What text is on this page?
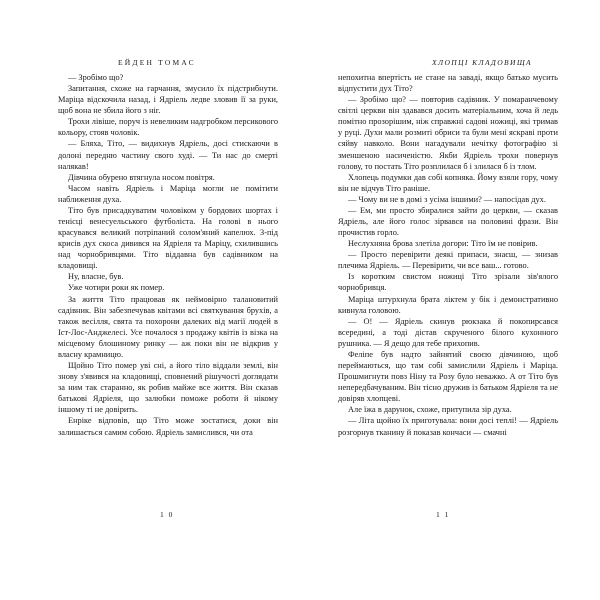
ЕЙДЕН ТОМАС

— Зробімо що?

Запитання, схоже на гарчання, змусило їх підстрибнути. Маріца відскочила назад, і Ядріель ледве зловив її за руки, щоб вона не збила його з ніг.

Трохи лівіше, поруч із невеликим надгробком персикового кольору, стояв чоловік.

— Бляха, Тіто, — видихнув Ядріель, досі стискаючи в долоні передню частину свого худі. — Ти нас до смерті налякав!

Дівчина обурено втягнула носом повітря.

Часом навіть Ядріель і Маріца могли не помітити наближення духа.

Тіто був присадкуватим чоловіком у бордових шортах і тенісці венесуельського футболіста. На голові в нього красувався великий потріпаний солом'яний капелюх. З-під крисів дух скоса дивився на Ядріеля та Маріцу, схилившись над чорнобривцями. Тіто віддавна був садівником на кладовищі.

Ну, власне, був.

Уже чотири роки як помер.

За життя Тіто працював як неймовірно талановитий садівник. Він забезпечував квітами всі святкування брухів, а також весілля, свята та похорони далеких від магії людей в Іст-Лос-Анджелесі. Усе почалося з продажу квітів із візка на місцевому блошиному ринку — аж поки він не відкрив у власну крамницю.

Щойно Тіто помер уві сні, а його тіло віддали землі, він знову з'явився на кладовищі, сповнений рішучості доглядати за ним так старанно, як робив майже все життя. Він сказав батькові Ядріеля, що залюбки поможе роботи й нікому іншому ті не довірить.

Енріке відповів, що Тіто може зостатися, доки він залишається самим собою. Ядріель замислився, чи ота

1 0
ХЛОПЦІ КЛАДОВИЩА

непохитна впертість не стане на заваді, якщо батько мусить відпустити дух Тіто?

— Зробімо що? — повторив садівник. У помаранчевому світлі церкви він здавався досить матеріальним, хоча й ледь помітно прозорішим, ніж справжні садові ножиці, які тримав у руці. Духи мали розмиті обриси та були мені яскраві проти сяйву навколо. Вони нагадували нечітку фотографію зі зменшеною насиченістю. Якби Ядріель трохи повернув голову, то постать Тіто розплилася б і злилася б із тлом.

Хлопець подумки дав собі копняка. Йому взяли гору, чому він не відчув Тіто раніше.

— Чому ви не в домі з усіма іншими? — напосідав дух.

— Ем, ми просто збиралися зайти до церкви, — сказав Ядріель, але його голос зірвався на половині фрази. Він прочистив горло.

Неслухняна брова злетіла догори: Тіто їм не повірив.

— Просто перевірити деякі припаси, знаєш, — знизав плечима Ядріель. — Перевірити, чи все ваш... готово.

Із коротким свистом ножиці Тіто зрізали зів'ялого чорнобривця.

Маріца штурхнула брата ліктем у бік і демонстративно кивнула головою.

— О! — Ядріель скинув рюкзака й покопирсався всередині, а тоді дістав скрученого білого кухонного рушника. — Я дещо для тебе прихопив.

Феліпе був надто зайнятий своєю дівчиною, щоб переймаються, що там собі замислили Ядріель і Маріца. Прошмигнути повз Ніну та Розу було неважко. А от Тіто був непередбачуваним. Він тісно дружив із батьком Ядріеля та не довіряв хлопцеві.

Але їжа в дарунок, схоже, притупила зір духа.

— Літа щойно їх приготувала: вони досі теплі! — Ядріель розгорнув тканину й показав кончаси — смачні

1 1
